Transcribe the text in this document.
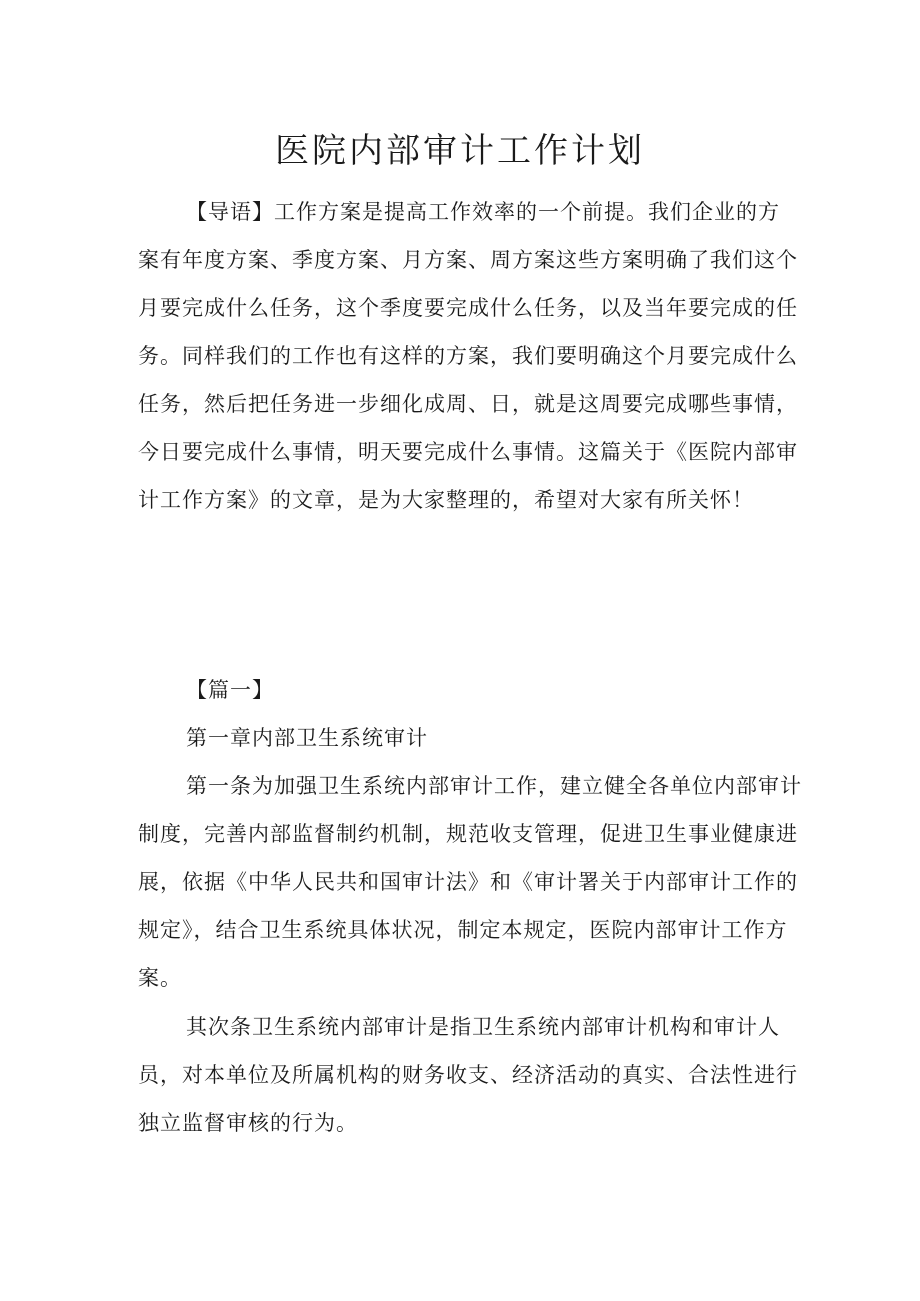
医院内部审计工作计划
【导语】工作方案是提高工作效率的一个前提。我们企业的方
案有年度方案、季度方案、月方案、周方案这些方案明确了我们这个
月要完成什么任务，这个季度要完成什么任务，以及当年要完成的任
务。同样我们的工作也有这样的方案，我们要明确这个月要完成什么
任务，然后把任务进一步细化成周、日，就是这周要完成哪些事情，
今日要完成什么事情，明天要完成什么事情。这篇关于《医院内部审
计工作方案》的文章，是为大家整理的，希望对大家有所关怀！
【篇一】
第一章内部卫生系统审计
第一条为加强卫生系统内部审计工作，建立健全各单位内部审计
制度，完善内部监督制约机制，规范收支管理，促进卫生事业健康进
展，依据《中华人民共和国审计法》和《审计署关于内部审计工作的
规定》，结合卫生系统具体状况，制定本规定，医院内部审计工作方
案。
其次条卫生系统内部审计是指卫生系统内部审计机构和审计人
员，对本单位及所属机构的财务收支、经济活动的真实、合法性进行
独立监督审核的行为。
